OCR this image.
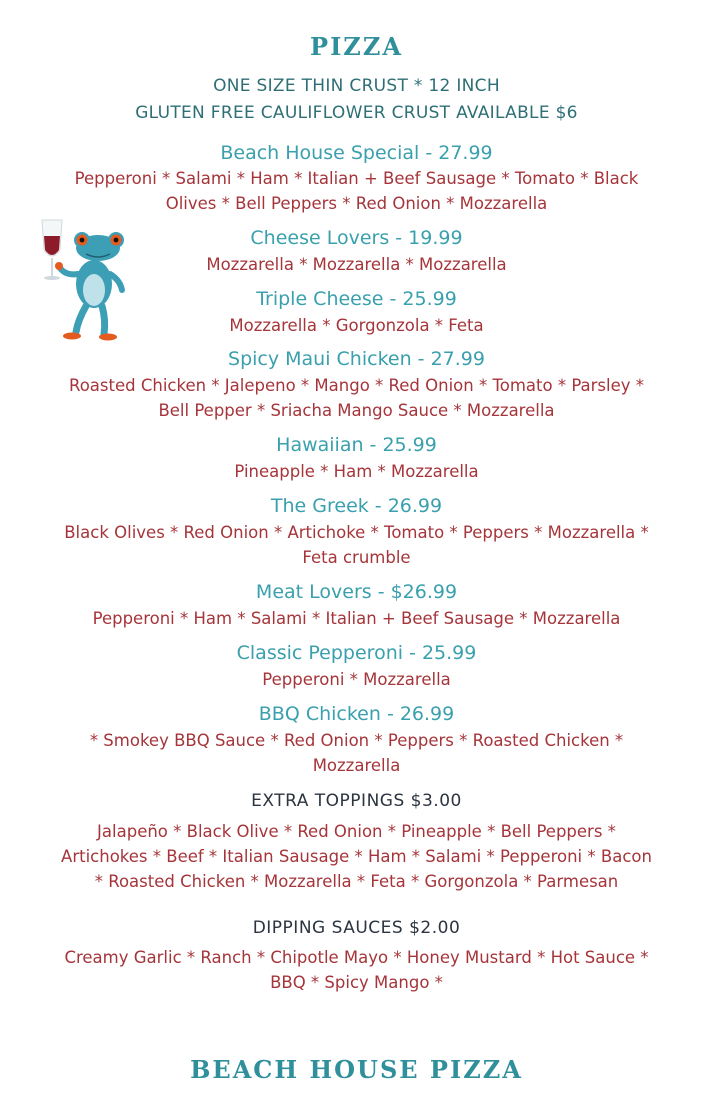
PIZZA
ONE SIZE THIN CRUST * 12 INCH
GLUTEN FREE CAULIFLOWER CRUST AVAILABLE $6
Beach House Special - 27.99
Pepperoni * Salami * Ham * Italian + Beef Sausage * Tomato * Black
Olives * Bell Peppers * Red Onion * Mozzarella
Cheese Lovers - 19.99
Mozzarella * Mozzarella * Mozzarella
Triple Cheese - 25.99
Mozzarella * Gorgonzola * Feta
Spicy Maui Chicken - 27.99
Roasted Chicken * Jalepeno * Mango * Red Onion * Tomato * Parsley *
Bell Pepper * Sriacha Mango Sauce * Mozzarella
Hawaiian - 25.99
Pineapple * Ham * Mozzarella
The Greek - 26.99
Black Olives * Red Onion * Artichoke * Tomato * Peppers * Mozzarella *
Feta crumble
Meat Lovers - $26.99
Pepperoni * Ham * Salami * Italian + Beef Sausage * Mozzarella
Classic Pepperoni - 25.99
Pepperoni * Mozzarella
BBQ Chicken - 26.99
* Smokey BBQ Sauce * Red Onion * Peppers * Roasted Chicken *
Mozzarella
EXTRA TOPPINGS $3.00
Jalapeño * Black Olive * Red Onion * Pineapple * Bell Peppers *
Artichokes * Beef * Italian Sausage * Ham * Salami * Pepperoni * Bacon
* Roasted Chicken * Mozzarella * Feta * Gorgonzola * Parmesan
DIPPING SAUCES $2.00
Creamy Garlic * Ranch * Chipotle Mayo * Honey Mustard * Hot Sauce *
BBQ * Spicy Mango *
BEACH HOUSE PIZZA
